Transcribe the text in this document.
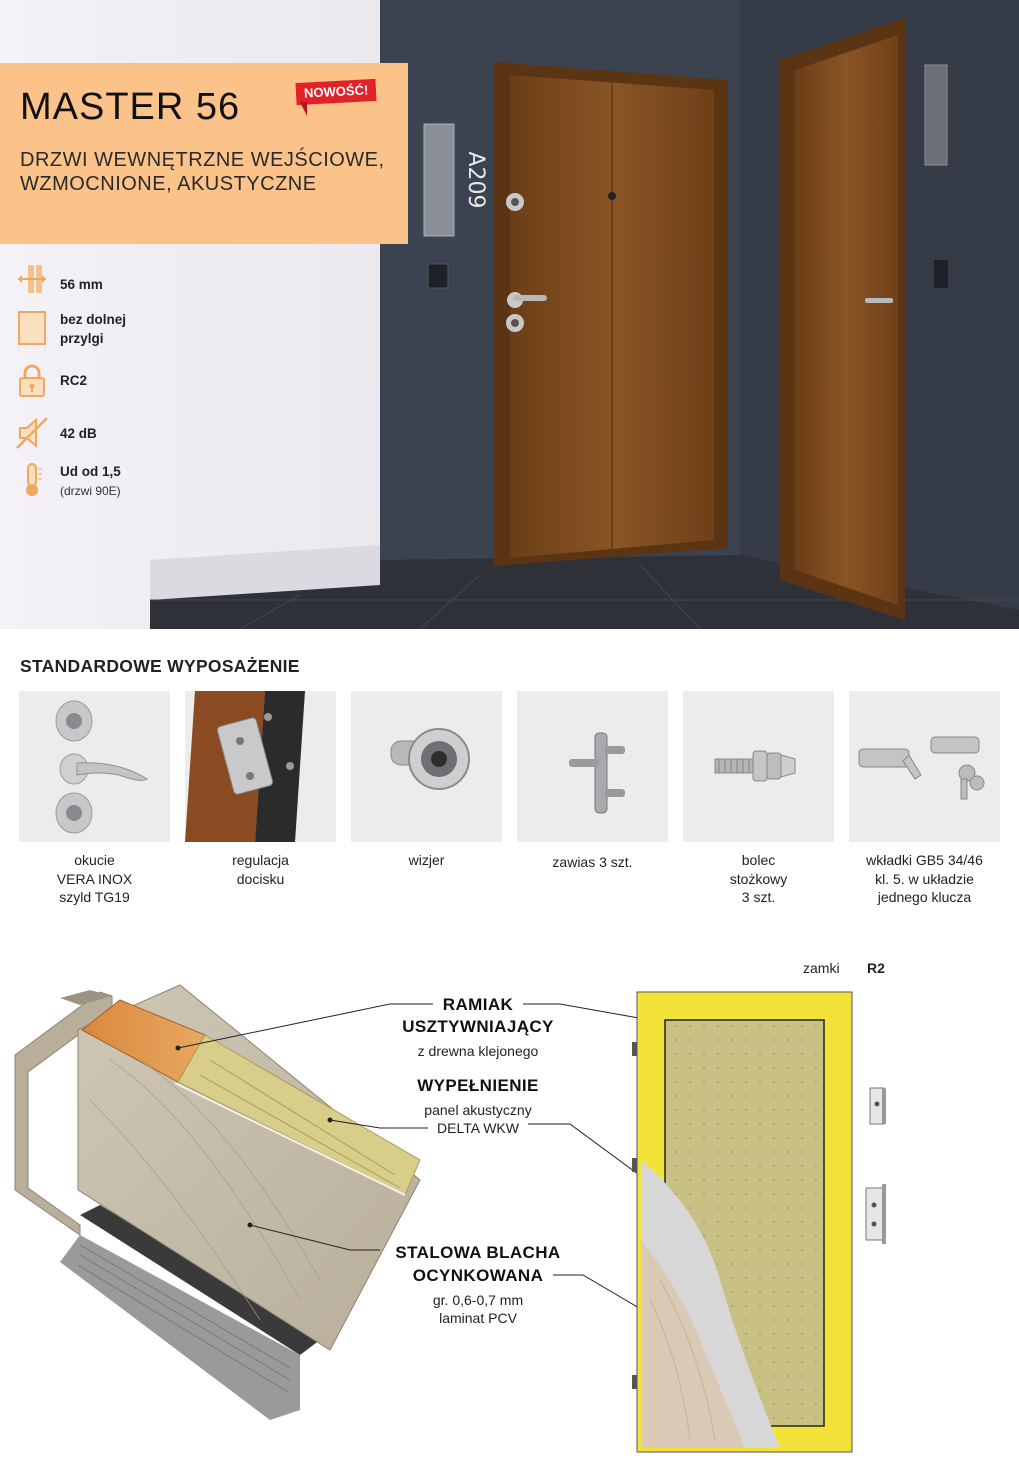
A209
MASTER 56	NOWOŚĆ!
DRZWI WEWNĘTRZNE WEJŚCIOWE, WZMOCNIONE, AKUSTYCZNE
56 mm
bez dolnej
przylgi
RC2
42 dB
Ud od 1,5
(drzwi 90E)
STANDARDOWE WYPOSAŻENIE
okucie
VERA INOX
szyld TG19
regulacja
docisku
wizjer	zawias 3 szt.	bolec
stożkowy
3 szt.
wkładki GB5 34/46
kl. 5. w układzie
jednego klucza
RAMIAK
USZTYWNIAJĄCY
z drewna klejonego
WYPEŁNIENIE
panel akustyczny
DELTA WKW
STALOWA BLACHA
OCYNKOWANA
gr. 0,6-0,7 mm
laminat PCV
zamki R2
